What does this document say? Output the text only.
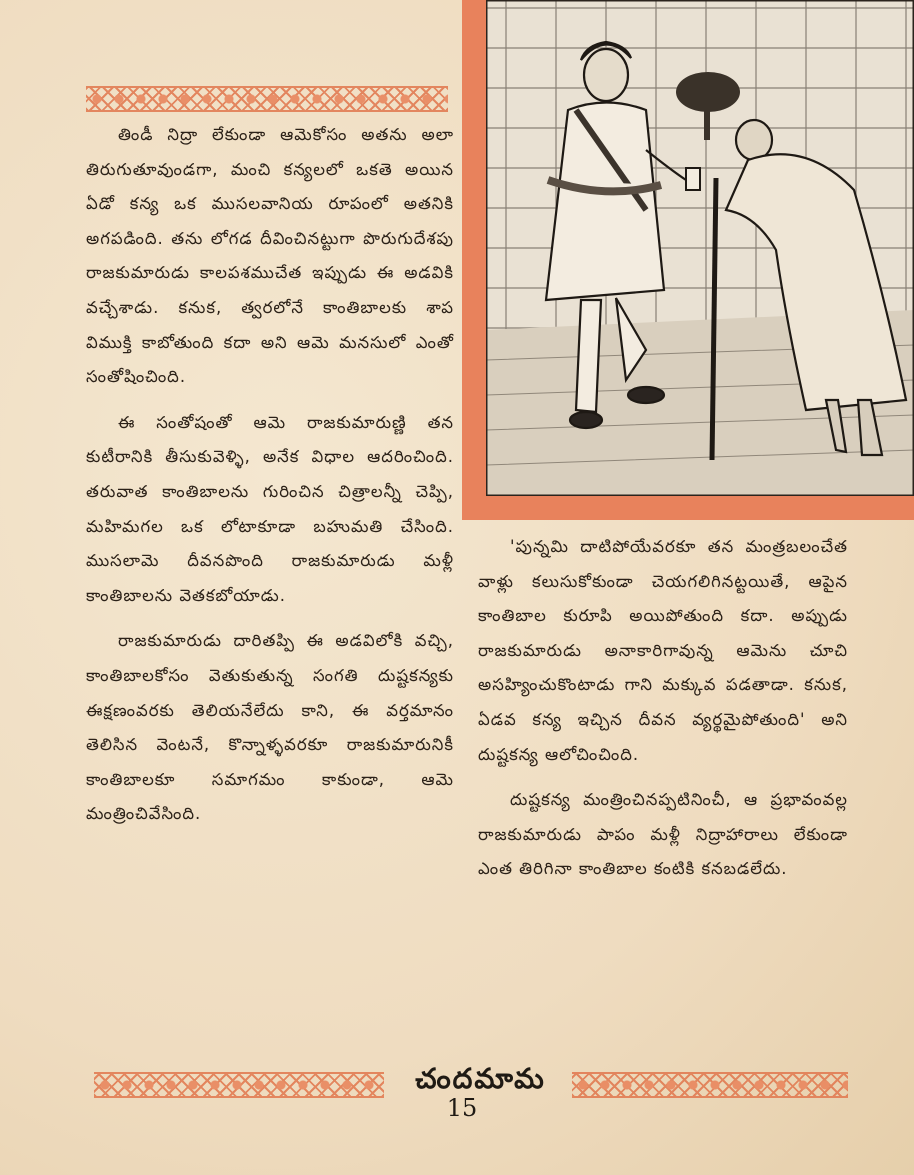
తిండీ నిద్రా లేకుండా ఆమెకోసం అతను అలా తిరుగుతూవుండగా, మంచి కన్యలలో ఒకతె అయిన ఏడో కన్య ఒక ముసలవానియ రూపంలో అతనికి అగపడింది. తను లోగడ దీవించినట్టుగా పొరుగుదేశపు రాజకుమారుడు కాలపశముచేత ఇప్పుడు ఈ అడవికి వచ్చేశాడు. కనుక, త్వరలోనే కాంతిబాలకు శాప విముక్తి కాబోతుంది కదా అని ఆమె మనసులో ఎంతో సంతోషించింది.

ఈ సంతోషంతో ఆమె రాజకుమారుణ్ణి తన కుటీరానికి తీసుకువెళ్ళి, అనేక విధాల ఆదరించింది. తరువాత కాంతిబాలను గురించిన చిత్రాలన్నీ చెప్పి, మహిమగల ఒక లోటాకూడా బహుమతి చేసింది. ముసలామె దీవనపొంది రాజకుమారుడు మళ్లీ కాంతిబాలను వెతకబోయాడు.

రాజకుమారుడు దారితప్పి ఈ అడవిలోకి వచ్చి, కాంతిబాలకోసం వెతుకుతున్న సంగతి దుష్టకన్యకు ఈక్షణంవరకు తెలియనేలేదు కాని, ఈ వర్తమానం తెలిసిన వెంటనే, కొన్నాళ్ళవరకూ రాజకుమారునికీ కాంతిబాలకూ సమాగమం కాకుండా, ఆమె మంత్రించివేసింది.

'పున్నమి దాటిపోయేవరకూ తన మంత్రబలంచేత వాళ్లు కలుసుకోకుండా చెయగలిగినట్టయితే, ఆపైన కాంతిబాల కురూపి అయిపోతుంది కదా. అప్పుడు రాజకుమారుడు అనాకారిగావున్న ఆమెను చూచి అసహ్యించుకొంటాడు గాని మక్కువ పడతాడా. కనుక, ఏడవ కన్య ఇచ్చిన దీవన వ్యర్థమైపోతుంది' అని దుష్టకన్య ఆలోచించింది.

దుష్టకన్య మంత్రించినప్పటినించీ, ఆ ప్రభావంవల్ల రాజకుమారుడు పాపం మళ్లీ నిద్రాహారాలు లేకుండా ఎంత తిరిగినా కాంతిబాల కంటికి కనబడలేదు.

చందమామ
15
